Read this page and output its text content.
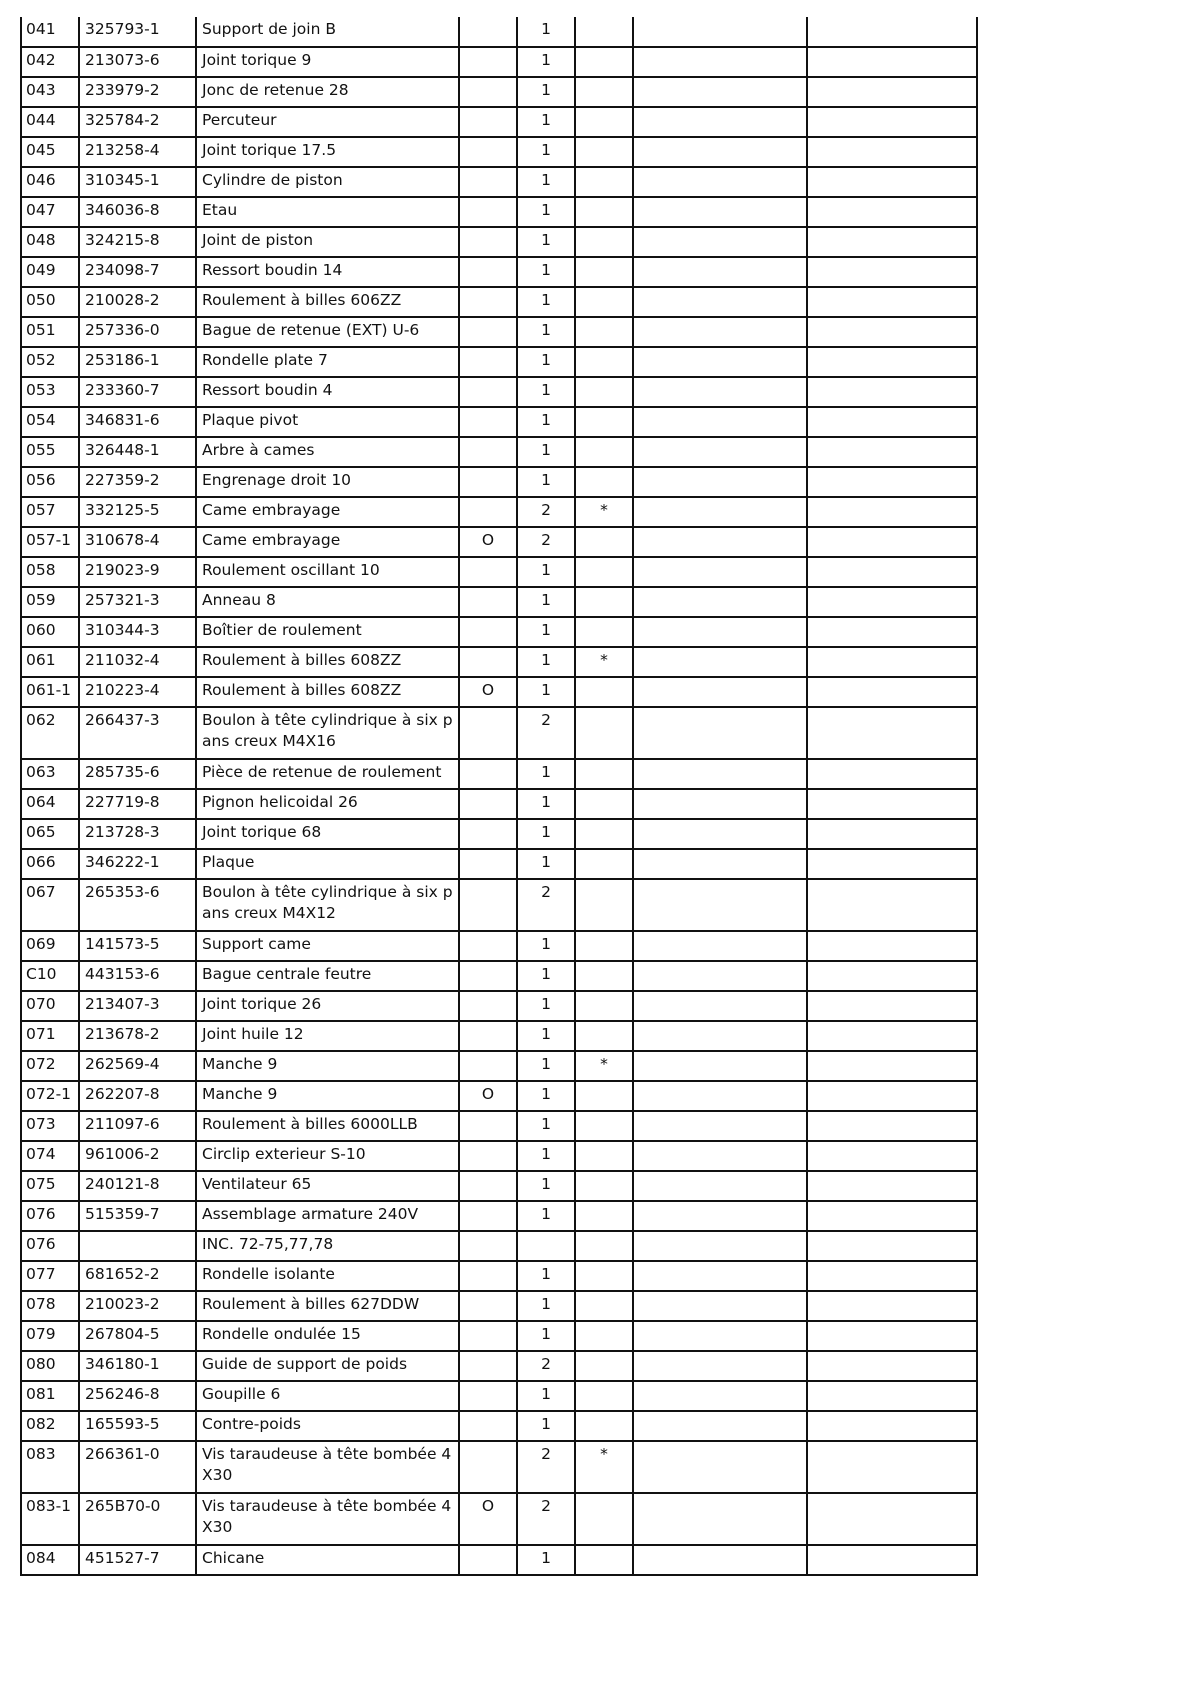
041	325793-1	Support de join B		1			
042	213073-6	Joint torique 9		1			
043	233979-2	Jonc de retenue 28		1			
044	325784-2	Percuteur		1			
045	213258-4	Joint torique 17.5		1			
046	310345-1	Cylindre de piston		1			
047	346036-8	Etau		1			
048	324215-8	Joint de piston		1			
049	234098-7	Ressort boudin 14		1			
050	210028-2	Roulement à billes 606ZZ		1			
051	257336-0	Bague de retenue (EXT) U-6		1			
052	253186-1	Rondelle plate 7		1			
053	233360-7	Ressort boudin 4		1			
054	346831-6	Plaque pivot		1			
055	326448-1	Arbre à cames		1			
056	227359-2	Engrenage droit 10		1			
057	332125-5	Came embrayage		2	*		
057-1	310678-4	Came embrayage	O	2			
058	219023-9	Roulement oscillant 10		1			
059	257321-3	Anneau 8		1			
060	310344-3	Boîtier de roulement		1			
061	211032-4	Roulement à billes 608ZZ		1	*		
061-1	210223-4	Roulement à billes 608ZZ	O	1			
062	266437-3	Boulon à tête cylindrique à six pans creux M4X16		2			
063	285735-6	Pièce de retenue de roulement		1			
064	227719-8	Pignon helicoidal 26		1			
065	213728-3	Joint torique 68		1			
066	346222-1	Plaque		1			
067	265353-6	Boulon à tête cylindrique à six pans creux M4X12		2			
069	141573-5	Support came		1			
C10	443153-6	Bague centrale feutre		1			
070	213407-3	Joint torique 26		1			
071	213678-2	Joint huile 12		1			
072	262569-4	Manche 9		1	*		
072-1	262207-8	Manche 9	O	1			
073	211097-6	Roulement à billes 6000LLB		1			
074	961006-2	Circlip exterieur S-10		1			
075	240121-8	Ventilateur 65		1			
076	515359-7	Assemblage armature 240V		1			
076		INC. 72-75,77,78					
077	681652-2	Rondelle isolante		1			
078	210023-2	Roulement à billes 627DDW		1			
079	267804-5	Rondelle ondulée 15		1			
080	346180-1	Guide de support de poids		2			
081	256246-8	Goupille 6		1			
082	165593-5	Contre-poids		1			
083	266361-0	Vis taraudeuse à tête bombée 4X30		2	*		
083-1	265B70-0	Vis taraudeuse à tête bombée 4X30	O	2			
084	451527-7	Chicane		1			
